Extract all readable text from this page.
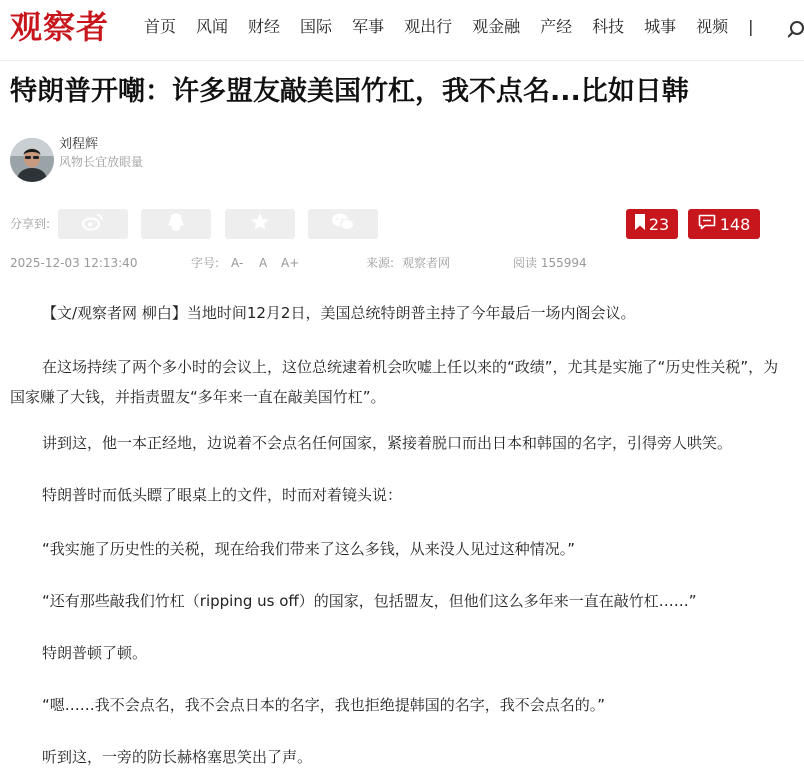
观察者 首页 风闻 财经 国际 军事 观出行 观金融 产经 科技 城事 视频 |
特朗普开嘲：许多盟友敲美国竹杠，我不点名...比如日韩
刘程辉
风物长宜放眼量
分享到:	23	148
2025-12-03 12:13:40	字号: A- A A+	来源: 观察者网	阅读 155994

【文/观察者网 柳白】当地时间12月2日，美国总统特朗普主持了今年最后一场内阁会议。

在这场持续了两个多小时的会议上，这位总统逮着机会吹嘘上任以来的“政绩”，尤其是实施了“历史性关税”，为国家赚了大钱，并指责盟友“多年来一直在敲美国竹杠”。

讲到这，他一本正经地，边说着不会点名任何国家，紧接着脱口而出日本和韩国的名字，引得旁人哄笑。

特朗普时而低头瞟了眼桌上的文件，时而对着镜头说：

“我实施了历史性的关税，现在给我们带来了这么多钱，从来没人见过这种情况。”

“还有那些敲我们竹杠（ripping us off）的国家，包括盟友，但他们这么多年来一直在敲竹杠……”

特朗普顿了顿。

“嗯……我不会点名，我不会点日本的名字，我也拒绝提韩国的名字，我不会点名的。”

听到这，一旁的防长赫格塞思笑出了声。
